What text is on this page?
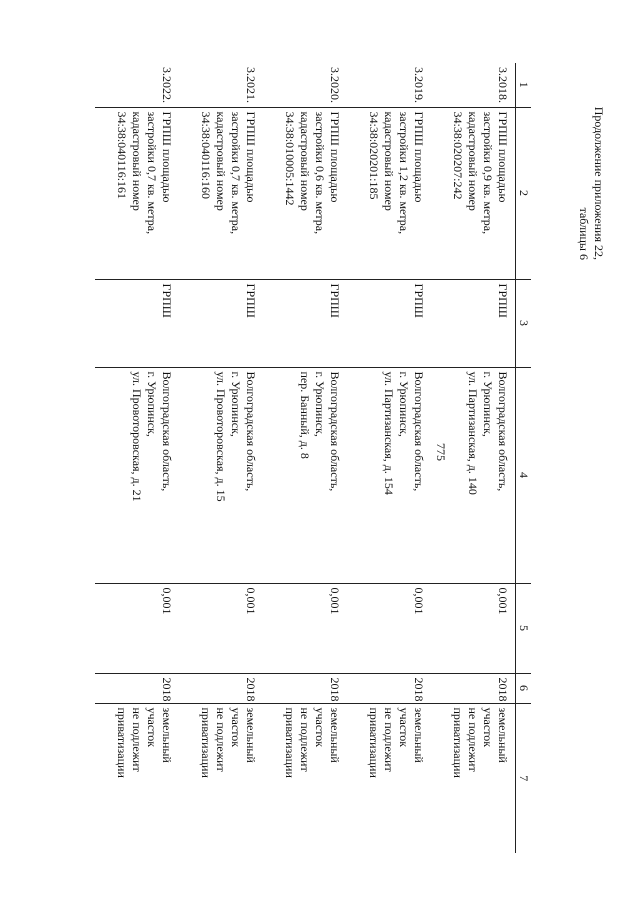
775
Продолжение приложения 22,
таблицы 6
1	2	3	4	5	6	7
3.2018.	ГРПШ площадью
застройки 0,9 кв. метра,
кадастровый номер
34:38:020207:242	ГРПШ	Волгоградская область,
г. Урюпинск,
ул. Партизанская, д. 140	0,001	2018	земельный
участок
не подлежит
приватизации

3.2019.	ГРПШ площадью
застройки 1,2 кв. метра,
кадастровый номер
34:38:020201:185	ГРПШ	Волгоградская область,
г. Урюпинск,
ул. Партизанская, д. 154	0,001	2018	земельный
участок
не подлежит
приватизации

3.2020.	ГРПШ площадью
застройки 0,6 кв. метра,
кадастровый номер
34:38:010005:1442	ГРПШ	Волгоградская область,
г. Урюпинск,
пер. Банный, д. 8	0,001	2018	земельный
участок
не подлежит
приватизации

3.2021.	ГРПШ площадью
застройки 0,7 кв. метра,
кадастровый номер
34:38:040116:160	ГРПШ	Волгоградская область,
г. Урюпинск,
ул. Провоторовская, д. 15	0,001	2018	земельный
участок
не подлежит
приватизации

3.2022.	ГРПШ площадью
застройки 0,7 кв. метра,
кадастровый номер
34:38:040116:161	ГРПШ	Волгоградская область,
г. Урюпинск,
ул. Провоторовская, д. 21	0,001	2018	земельный
участок
не подлежит
приватизации
